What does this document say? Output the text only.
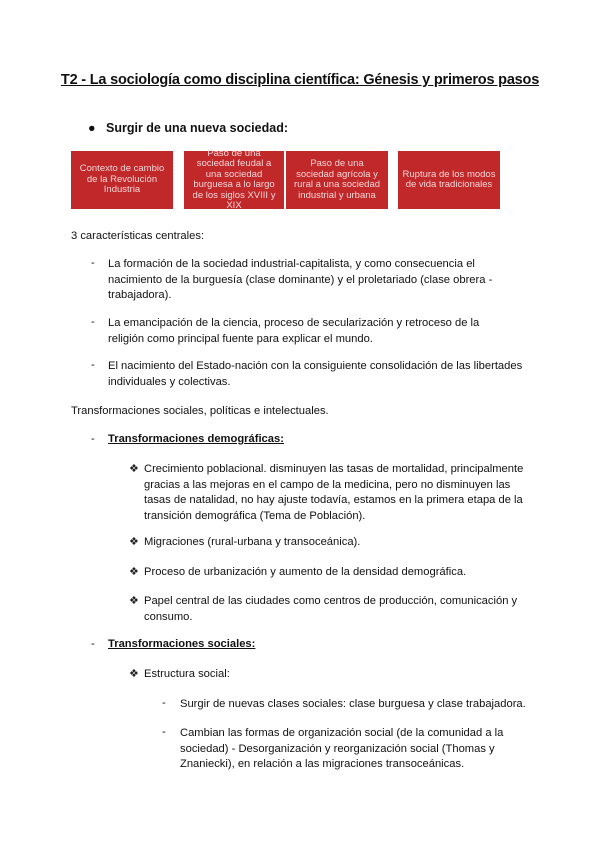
T2 - La sociología como disciplina científica: Génesis y primeros pasos
● Surgir de una nueva sociedad:
Contexto de cambio de la Revolución Industria
Paso de una sociedad feudal a una sociedad burguesa a lo largo de los siglos XVIII y XIX
Paso de una sociedad agrícola y rural a una sociedad industrial y urbana
Ruptura de los modos de vida tradicionales
3 características centrales:
- La formación de la sociedad industrial-capitalista, y como consecuencia el nacimiento de la burguesía (clase dominante) y el proletariado (clase obrera - trabajadora).
- La emancipación de la ciencia, proceso de secularización y retroceso de la religión como principal fuente para explicar el mundo.
- El nacimiento del Estado-nación con la consiguiente consolidación de las libertades individuales y colectivas.
Transformaciones sociales, políticas e intelectuales.
- Transformaciones demográficas:
❖ Crecimiento poblacional. disminuyen las tasas de mortalidad, principalmente gracias a las mejoras en el campo de la medicina, pero no disminuyen las tasas de natalidad, no hay ajuste todavía, estamos en la primera etapa de la transición demográfica (Tema de Población).
❖ Migraciones (rural-urbana y transoceánica).
❖ Proceso de urbanización y aumento de la densidad demográfica.
❖ Papel central de las ciudades como centros de producción, comunicación y consumo.
- Transformaciones sociales:
❖ Estructura social:
- Surgir de nuevas clases sociales: clase burguesa y clase trabajadora.
- Cambian las formas de organización social (de la comunidad a la sociedad) - Desorganización y reorganización social (Thomas y Znaniecki), en relación a las migraciones transoceánicas.
